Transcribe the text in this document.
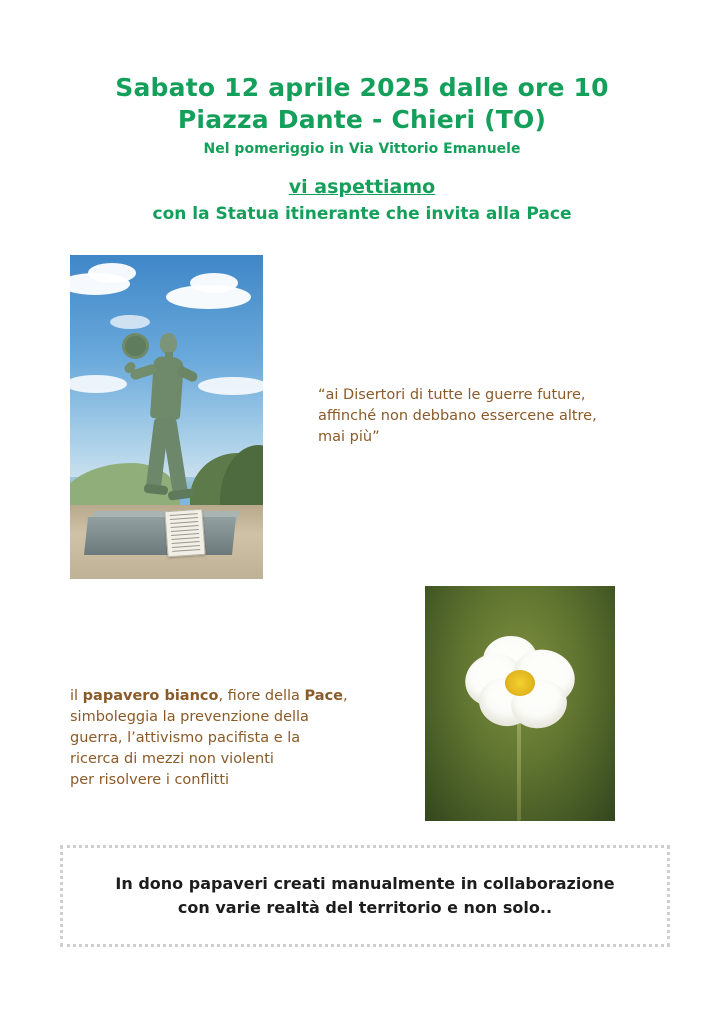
Sabato 12 aprile 2025 dalle ore 10
Piazza Dante - Chieri (TO)
Nel pomeriggio in Via Vittorio Emanuele
vi aspettiamo
con la Statua itinerante che invita alla Pace
“ai Disertori di tutte le guerre future,
affinché non debbano essercene altre,
mai più”
il papavero bianco, fiore della Pace,
simboleggia la prevenzione della
guerra, l’attivismo pacifista e la
ricerca di mezzi non violenti
per risolvere i conflitti
In dono papaveri creati manualmente in collaborazione
con varie realtà del territorio e non solo..
